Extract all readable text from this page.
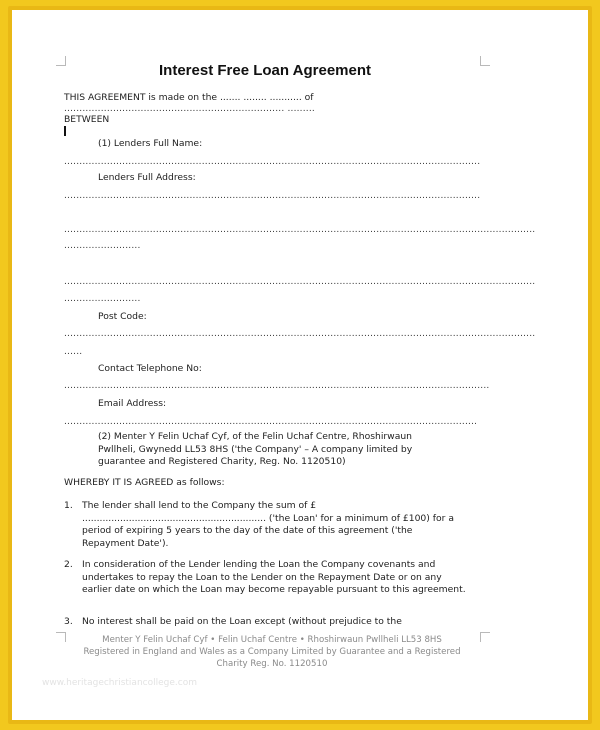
Interest Free Loan Agreement
THIS AGREEMENT is made on the ....... ........ ........... of
........................................................................ .........
BETWEEN
(1) Lenders Full Name:
........................................................................................................................................
Lenders Full Address:
........................................................................................................................................
..........................................................................................................................................................
.........................
..........................................................................................................................................................
.........................
Post Code:
..........................................................................................................................................................
......
Contact Telephone No:
...........................................................................................................................................
Email Address:
.......................................................................................................................................
(2) Menter Y Felin Uchaf Cyf, of the Felin Uchaf Centre, Rhoshirwaun Pwllheli, Gwynedd LL53 8HS ('the Company' – A company limited by guarantee and Registered Charity, Reg. No. 1120510)
WHEREBY IT IS AGREED as follows:
1. The lender shall lend to the Company the sum of £ ............................................................... ('the Loan' for a minimum of £100) for a period of expiring 5 years to the day of the date of this agreement ('the Repayment Date').
2. In consideration of the Lender lending the Loan the Company covenants and undertakes to repay the Loan to the Lender on the Repayment Date or on any earlier date on which the Loan may become repayable pursuant to this agreement.
3. No interest shall be paid on the Loan except (without prejudice to the
Menter Y Felin Uchaf Cyf • Felin Uchaf Centre • Rhoshirwaun Pwllheli LL53 8HS
Registered in England and Wales as a Company Limited by Guarantee and a Registered
Charity Reg. No. 1120510
www.heritagechristiancollege.com
